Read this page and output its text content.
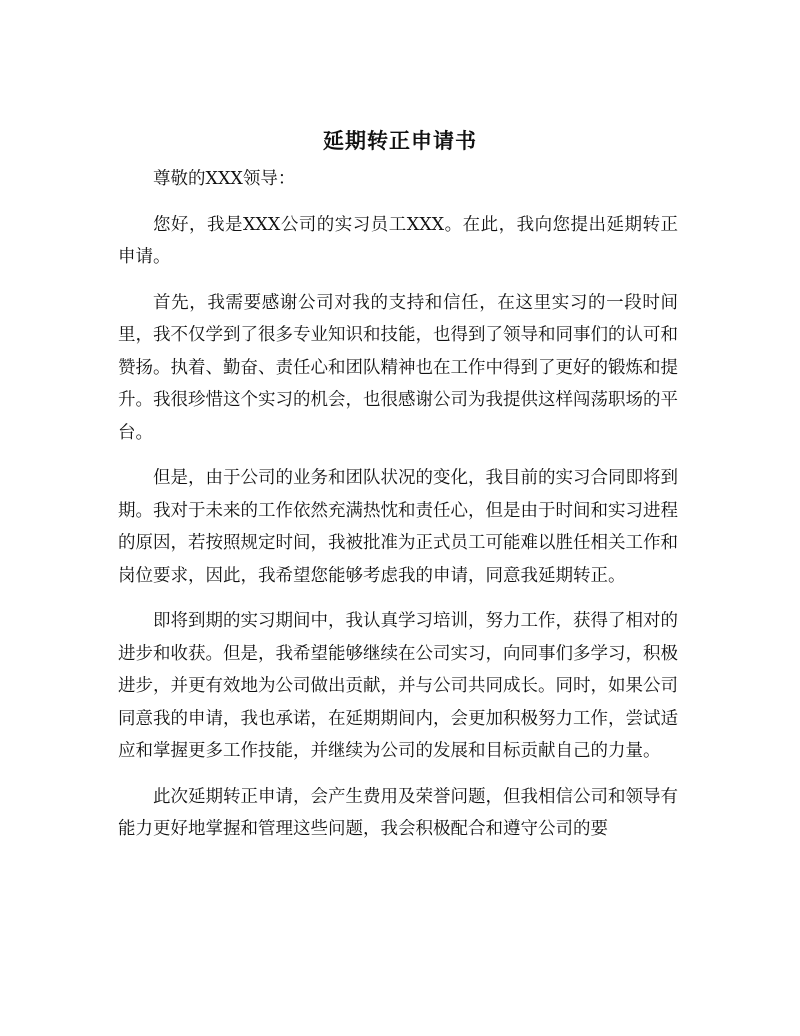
延期转正申请书

尊敬的XXX领导：

您好，我是XXX公司的实习员工XXX。在此，我向您提出延期转正申请。

首先，我需要感谢公司对我的支持和信任，在这里实习的一段时间里，我不仅学到了很多专业知识和技能，也得到了领导和同事们的认可和赞扬。执着、勤奋、责任心和团队精神也在工作中得到了更好的锻炼和提升。我很珍惜这个实习的机会，也很感谢公司为我提供这样闯荡职场的平台。

但是，由于公司的业务和团队状况的变化，我目前的实习合同即将到期。我对于未来的工作依然充满热忱和责任心，但是由于时间和实习进程的原因，若按照规定时间，我被批准为正式员工可能难以胜任相关工作和岗位要求，因此，我希望您能够考虑我的申请，同意我延期转正。

即将到期的实习期间中，我认真学习培训，努力工作，获得了相对的进步和收获。但是，我希望能够继续在公司实习，向同事们多学习，积极进步，并更有效地为公司做出贡献，并与公司共同成长。同时，如果公司同意我的申请，我也承诺，在延期期间内，会更加积极努力工作，尝试适应和掌握更多工作技能，并继续为公司的发展和目标贡献自己的力量。

此次延期转正申请，会产生费用及荣誉问题，但我相信公司和领导有能力更好地掌握和管理这些问题，我会积极配合和遵守公司的要
